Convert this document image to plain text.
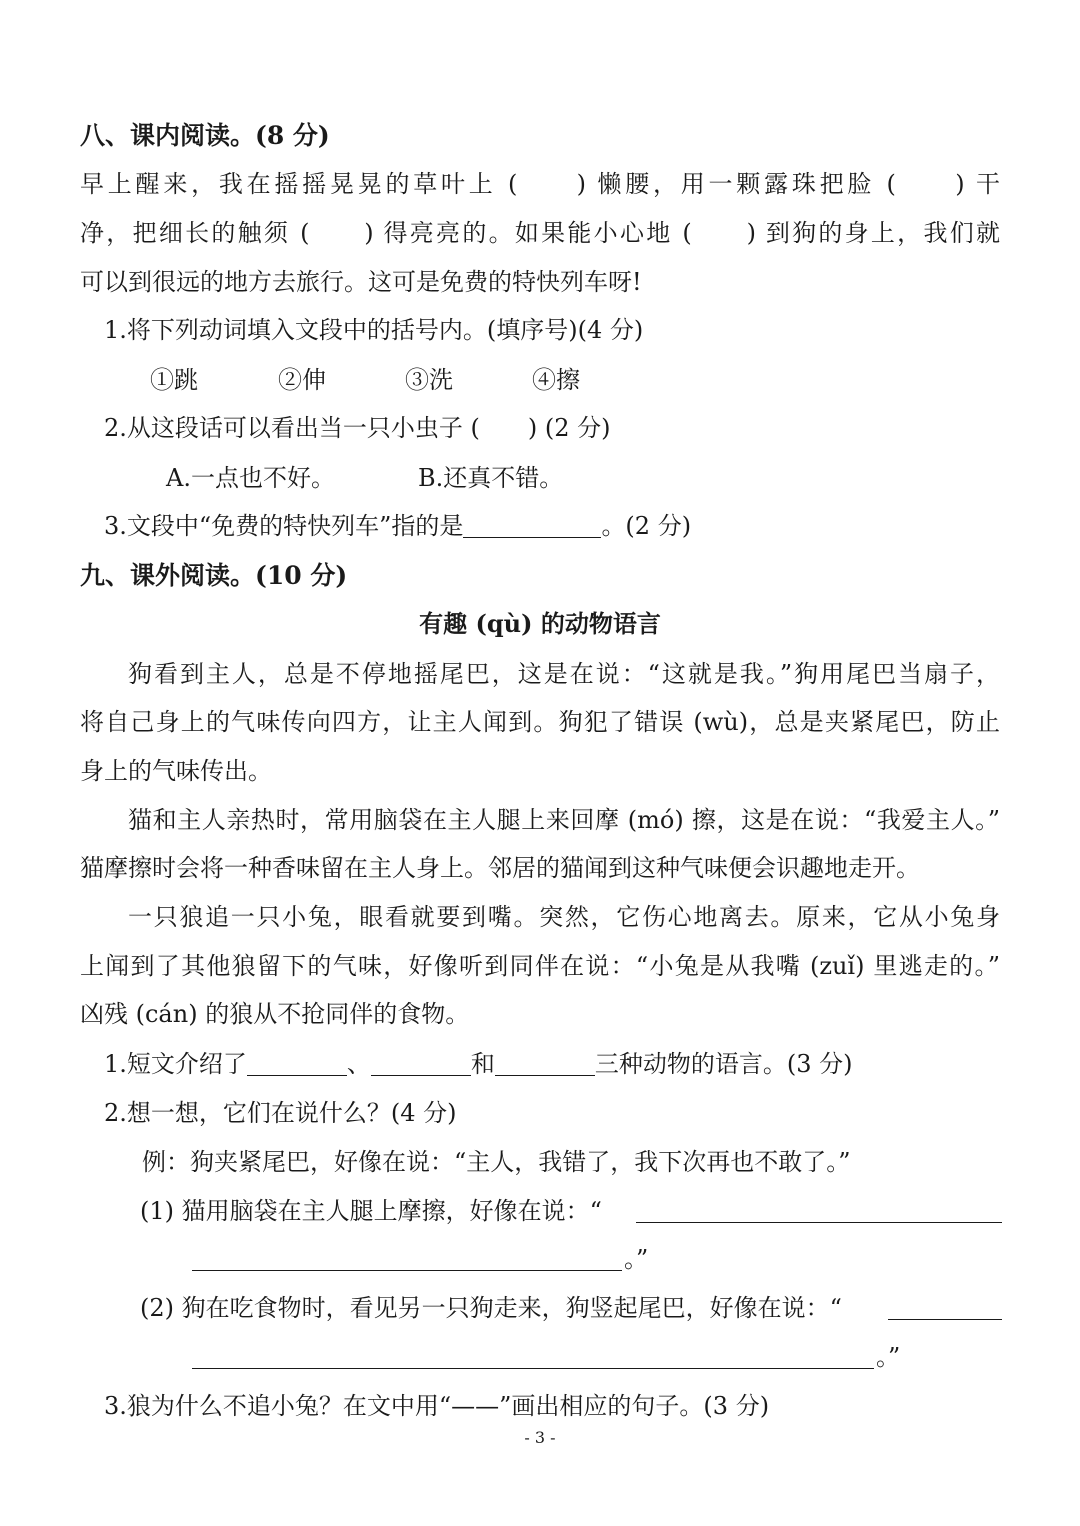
八、课内阅读。(8 分)
早上醒来，我在摇摇晃晃的草叶上 (　　) 懒腰，用一颗露珠把脸 (　　) 干
净，把细长的触须 (　　) 得亮亮的。如果能小心地 (　　) 到狗的身上，我们就
可以到很远的地方去旅行。这可是免费的特快列车呀!
1.将下列动词填入文段中的括号内。(填序号)(4 分)
①跳	②伸	③洗	④擦
2.从这段话可以看出当一只小虫子 (　　) (2 分)
A.一点也不好。	B.还真不错。
3.文段中“免费的特快列车”指的是	。(2 分)
九、课外阅读。(10 分)
有趣 (qù) 的动物语言
狗看到主人，总是不停地摇尾巴，这是在说：“这就是我。”狗用尾巴当扇子，
将自己身上的气味传向四方，让主人闻到。狗犯了错误 (wù)，总是夹紧尾巴，防止
身上的气味传出。
猫和主人亲热时，常用脑袋在主人腿上来回摩 (mó) 擦，这是在说：“我爱主人。”
猫摩擦时会将一种香味留在主人身上。邻居的猫闻到这种气味便会识趣地走开。
一只狼追一只小兔，眼看就要到嘴。突然，它伤心地离去。原来，它从小兔身
上闻到了其他狼留下的气味，好像听到同伴在说：“小兔是从我嘴 (zuǐ) 里逃走的。”
凶残 (cán) 的狼从不抢同伴的食物。
1.短文介绍了	、	和	三种动物的语言。(3 分)
2.想一想，它们在说什么？(4 分)
例：狗夹紧尾巴，好像在说：“主人，我错了，我下次再也不敢了。”
(1) 猫用脑袋在主人腿上摩擦，好像在说：“
。”
(2) 狗在吃食物时，看见另一只狗走来，狗竖起尾巴，好像在说：“
。”
3.狼为什么不追小兔？在文中用“——”画出相应的句子。(3 分)
- 3 -
